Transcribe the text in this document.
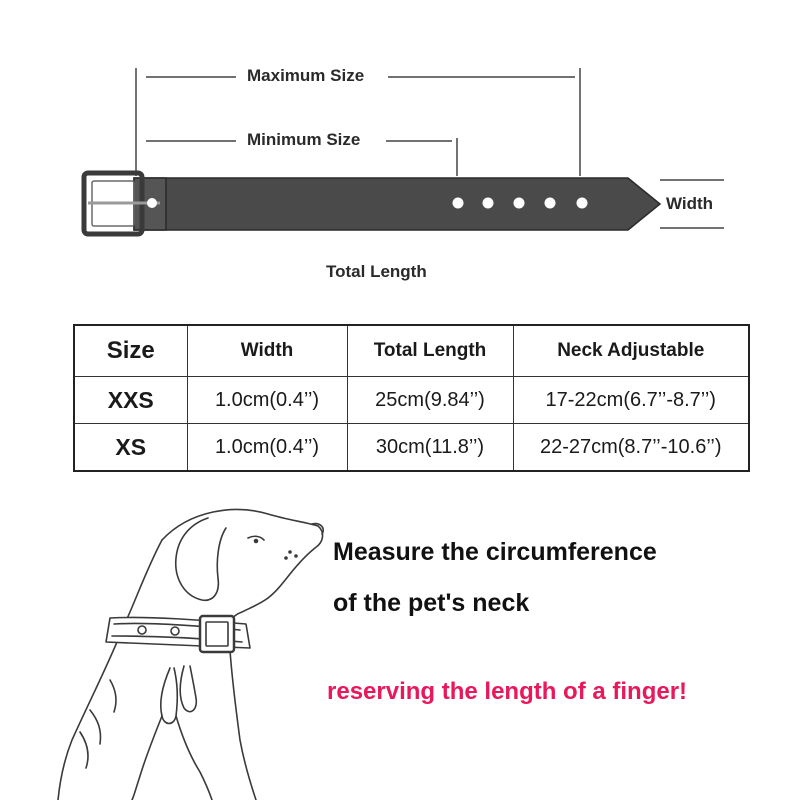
Maximum Size
Minimum Size
Width
Total Length
Size	Width	Total Length	Neck Adjustable
XXS	1.0cm(0.4’’)	25cm(9.84’’)	17-22cm(6.7’’-8.7’’)
XS	1.0cm(0.4’’)	30cm(11.8’’)	22-27cm(8.7’’-10.6’’)
Measure the circumference
of the pet's neck
reserving the length of a finger!
